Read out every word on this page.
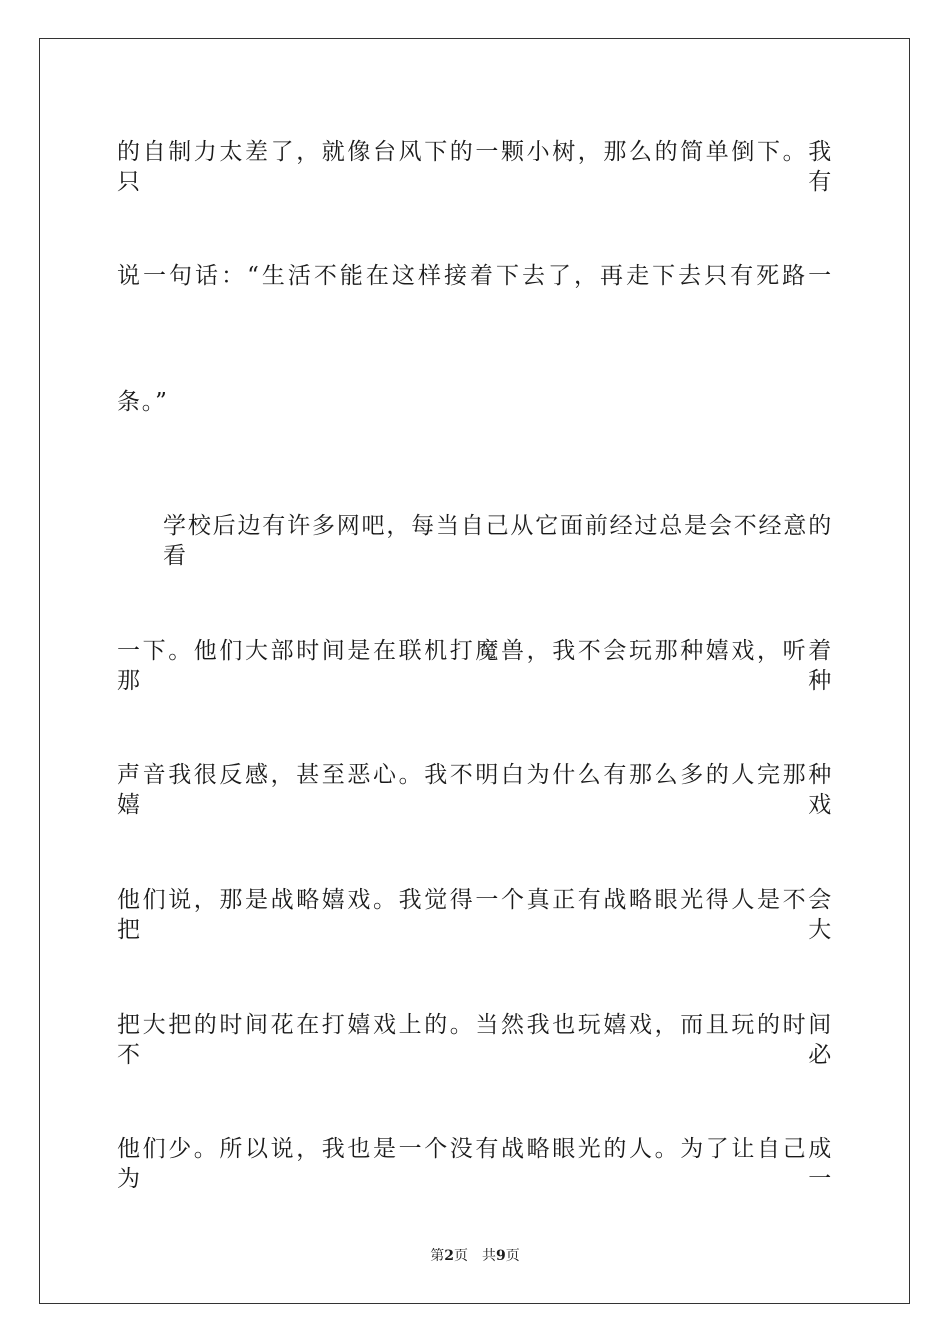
的自制力太差了，就像台风下的一颗小树，那么的简单倒下。我只有
说一句话：“生活不能在这样接着下去了，再走下去只有死路一
条。”
学校后边有许多网吧，每当自己从它面前经过总是会不经意的看
一下。他们大部时间是在联机打魔兽，我不会玩那种嬉戏，听着那种
声音我很反感，甚至恶心。我不明白为什么有那么多的人完那种嬉戏
他们说，那是战略嬉戏。我觉得一个真正有战略眼光得人是不会把大
把大把的时间花在打嬉戏上的。当然我也玩嬉戏，而且玩的时间不必
他们少。所以说，我也是一个没有战略眼光的人。为了让自己成为一
第2页 共9页
